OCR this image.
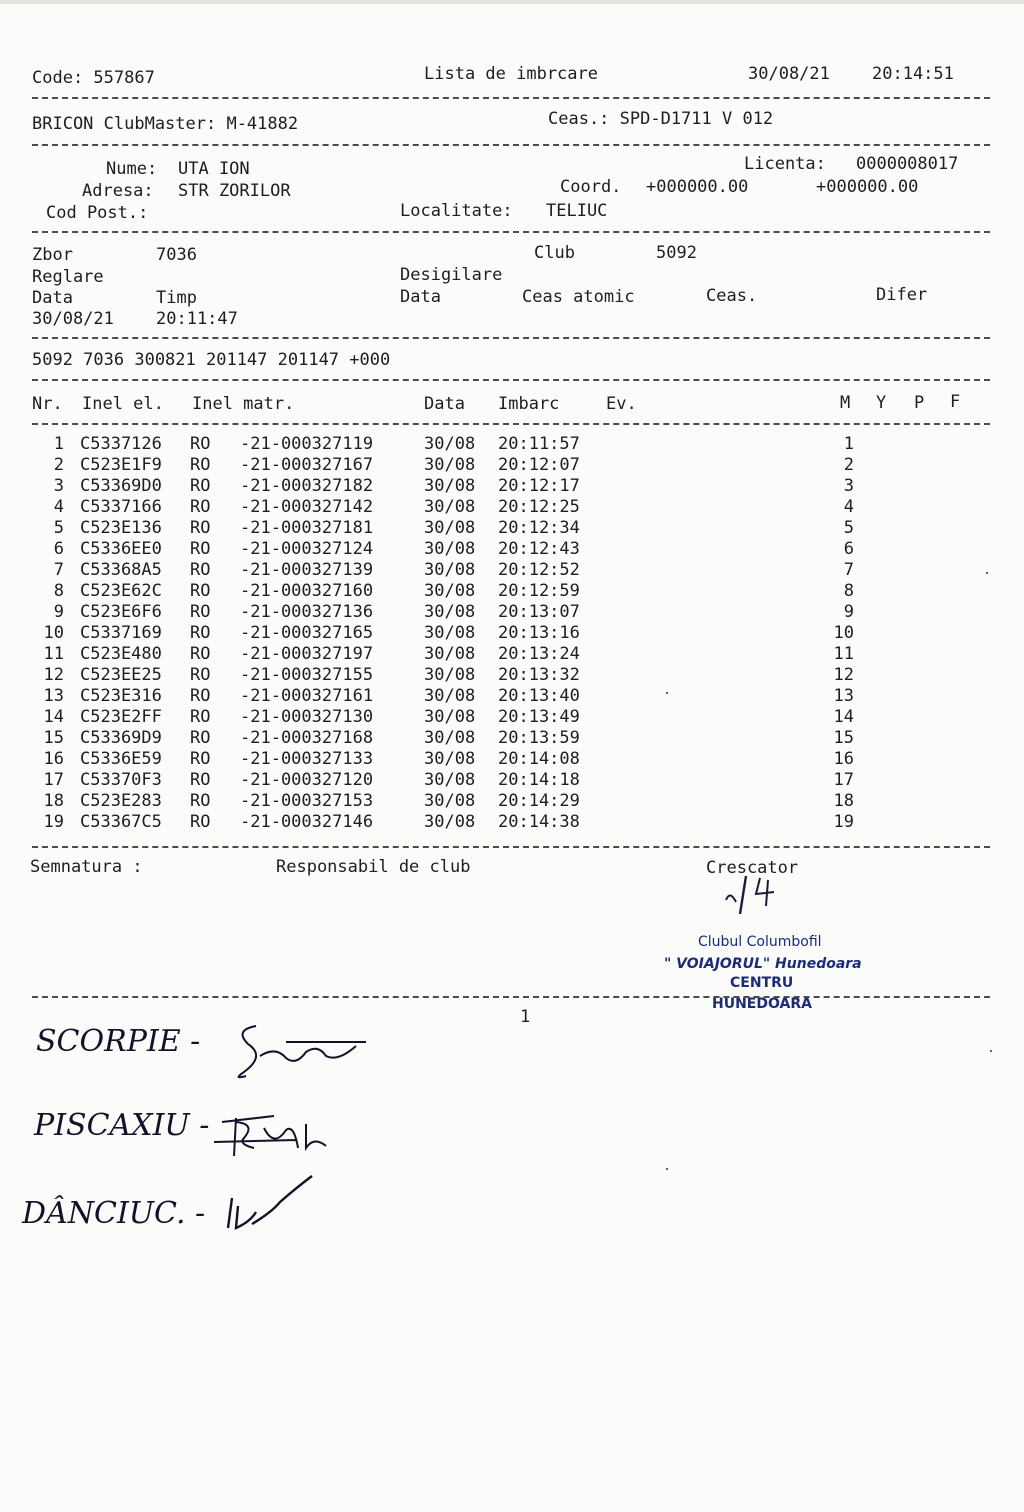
Code: 557867	Lista de imbrcare	30/08/21 20:14:51
BRICON ClubMaster: M-41882	Ceas.: SPD-D1711 V 012
Nume: UTA ION
Adresa: STR ZORILOR
Cod Post.:
Licenta: 0000008017
Coord. +000000.00	+000000.00
Localitate: TELIUC
Zbor	7036	Club	5092
Reglare	Desigilare
Data	Timp	Data	Ceas atomic	Ceas.	Difer
30/08/21 20:11:47
5092 7036 300821 201147 201147 +000
Nr. Inel el. Inel matr.	Data Imbarc	Ev.	M Y P F
1 C5337126 RO -21-000327119	30/08 20:11:57	1
2 C523E1F9 RO -21-000327167	30/08 20:12:07	2
3 C53369D0 RO -21-000327182	30/08 20:12:17	3
4 C5337166 RO -21-000327142	30/08 20:12:25	4
5 C523E136 RO -21-000327181	30/08 20:12:34	5
6 C5336EE0 RO -21-000327124	30/08 20:12:43	6
7 C53368A5 RO -21-000327139	30/08 20:12:52	7
8 C523E62C RO -21-000327160	30/08 20:12:59	8
9 C523E6F6 RO -21-000327136	30/08 20:13:07	9
10 C5337169 RO -21-000327165	30/08 20:13:16	10
11 C523E480 RO -21-000327197	30/08 20:13:24	11
12 C523EE25 RO -21-000327155	30/08 20:13:32	12
13 C523E316 RO -21-000327161	30/08 20:13:40	13
14 C523E2FF RO -21-000327130	30/08 20:13:49	14
15 C53369D9 RO -21-000327168	30/08 20:13:59	15
16 C5336E59 RO -21-000327133	30/08 20:14:08	16
17 C53370F3 RO -21-000327120	30/08 20:14:18	17
18 C523E283 RO -21-000327153	30/08 20:14:29	18
19 C53367C5 RO -21-000327146	30/08 20:14:38	19
Semnatura :	Responsabil de club	Crescator
Clubul Columbofil
" VOIAJORUL" Hunedoara
CENTRU
HUNEDOARA
1
SCORPIE -
PISCAXIU -
DÂNCIUC. -
